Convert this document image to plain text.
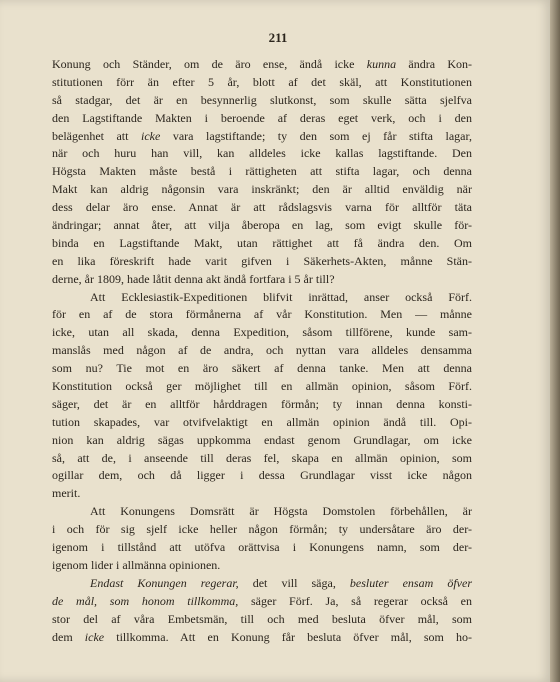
211
Konung och Ständer, om de äro ense, ändå icke kunna ändra Kon-
stitutionen förr än efter 5 år, blott af det skäl, att Konstitutionen
så stadgar, det är en besynnerlig slutkonst, som skulle sätta sjelfva
den Lagstiftande Makten i beroende af deras eget verk, och i den
belägenhet att icke vara lagstiftande; ty den som ej får stifta lagar,
när och huru han vill, kan alldeles icke kallas lagstiftande. Den
Högsta Makten måste bestå i rättigheten att stifta lagar, och denna
Makt kan aldrig någonsin vara inskränkt; den är alltid enväldig när
dess delar äro ense. Annat är att rådslagsvis varna för alltför täta
ändringar; annat åter, att vilja åberopa en lag, som evigt skulle för-
binda en Lagstiftande Makt, utan rättighet att få ändra den. Om
en lika föreskrift hade varit gifven i Säkerhets-Akten, månne Stän-
derne, år 1809, hade låtit denna akt ändå fortfara i 5 år till?
Att Ecklesiastik-Expeditionen blifvit inrättad, anser också Förf.
för en af de stora förmånerna af vår Konstitution. Men — månne
icke, utan all skada, denna Expedition, såsom tillförene, kunde sam-
manslås med någon af de andra, och nyttan vara alldeles densamma
som nu? Tie mot en äro säkert af denna tanke. Men att denna
Konstitution också ger möjlighet till en allmän opinion, såsom Förf.
säger, det är en alltför hårddragen förmån; ty innan denna konsti-
tution skapades, var otvifvelaktigt en allmän opinion ändå till. Opi-
nion kan aldrig sägas uppkomma endast genom Grundlagar, om icke
så, att de, i anseende till deras fel, skapa en allmän opinion, som
ogillar dem, och då ligger i dessa Grundlagar visst icke någon
merit.
Att Konungens Domsrätt är Högsta Domstolen förbehållen, är
i och för sig sjelf icke heller någon förmån; ty undersåtare äro der-
igenom i tillstånd att utöfva orättvisa i Konungens namn, som der-
igenom lider i allmänna opinionen.
Endast Konungen regerar, det vill säga, besluter ensam öfver
de mål, som honom tillkomma, säger Förf. Ja, så regerar också en
stor del af våra Embetsmän, till och med besluta öfver mål, som
dem icke tillkomma. Att en Konung får besluta öfver mål, som ho-
